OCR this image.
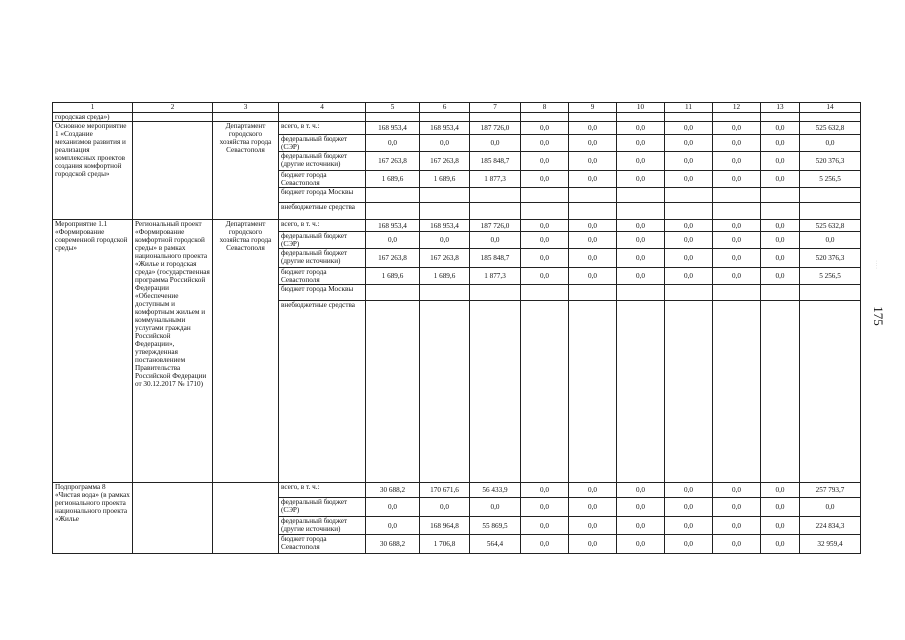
1	2	3	4	5	6	7	8	9	10	11	12	13	14
городская среда»)													
Основное мероприятие 1 «Создание механизмов развития и реализация комплексных проектов создания комфортной городской среды»		Департамент городского хозяйства города Севастополя	всего, в т. ч.:	168 953,4	168 953,4	187 726,0	0,0	0,0	0,0	0,0	0,0	0,0	525 632,8
			федеральный бюджет (СЭР)	0,0	0,0	0,0	0,0	0,0	0,0	0,0	0,0	0,0	0,0
			федеральный бюджет (другие источники)	167 263,8	167 263,8	185 848,7	0,0	0,0	0,0	0,0	0,0	0,0	520 376,3
			бюджет города Севастополя	1 689,6	1 689,6	1 877,3	0,0	0,0	0,0	0,0	0,0	0,0	5 256,5
			бюджет города Москвы										
			внебюджетные средства										
Мероприятие 1.1 «Формирование современной городской среды»	Региональный проект «Формирование комфортной городской среды» в рамках национального проекта «Жилье и городская среда» (государственная программа Российской Федерации «Обеспечение доступным и комфортным жильем и коммунальными услугами граждан Российской Федерации», утвержденная постановлением Правительства Российской Федерации от 30.12.2017 № 1710)	Департамент городского хозяйства города Севастополя	всего, в т. ч.:	168 953,4	168 953,4	187 726,0	0,0	0,0	0,0	0,0	0,0	0,0	525 632,8
			федеральный бюджет (СЭР)	0,0	0,0	0,0	0,0	0,0	0,0	0,0	0,0	0,0	0,0
			федеральный бюджет (другие источники)	167 263,8	167 263,8	185 848,7	0,0	0,0	0,0	0,0	0,0	0,0	520 376,3
			бюджет города Севастополя	1 689,6	1 689,6	1 877,3	0,0	0,0	0,0	0,0	0,0	0,0	5 256,5
			бюджет города Москвы										
			внебюджетные средства										
Подпрограмма 8 «Чистая вода» (в рамках регионального проекта национального проекта «Жилье			всего, в т. ч.:	30 688,2	170 671,6	56 433,9	0,0	0,0	0,0	0,0	0,0	0,0	257 793,7
			федеральный бюджет (СЭР)	0,0	0,0	0,0	0,0	0,0	0,0	0,0	0,0	0,0	0,0
			федеральный бюджет (другие источники)	0,0	168 964,8	55 869,5	0,0	0,0	0,0	0,0	0,0	0,0	224 834,3
			бюджет города Севастополя	30 688,2	1 706,8	564,4	0,0	0,0	0,0	0,0	0,0	0,0	32 959,4
175
· · · ·
